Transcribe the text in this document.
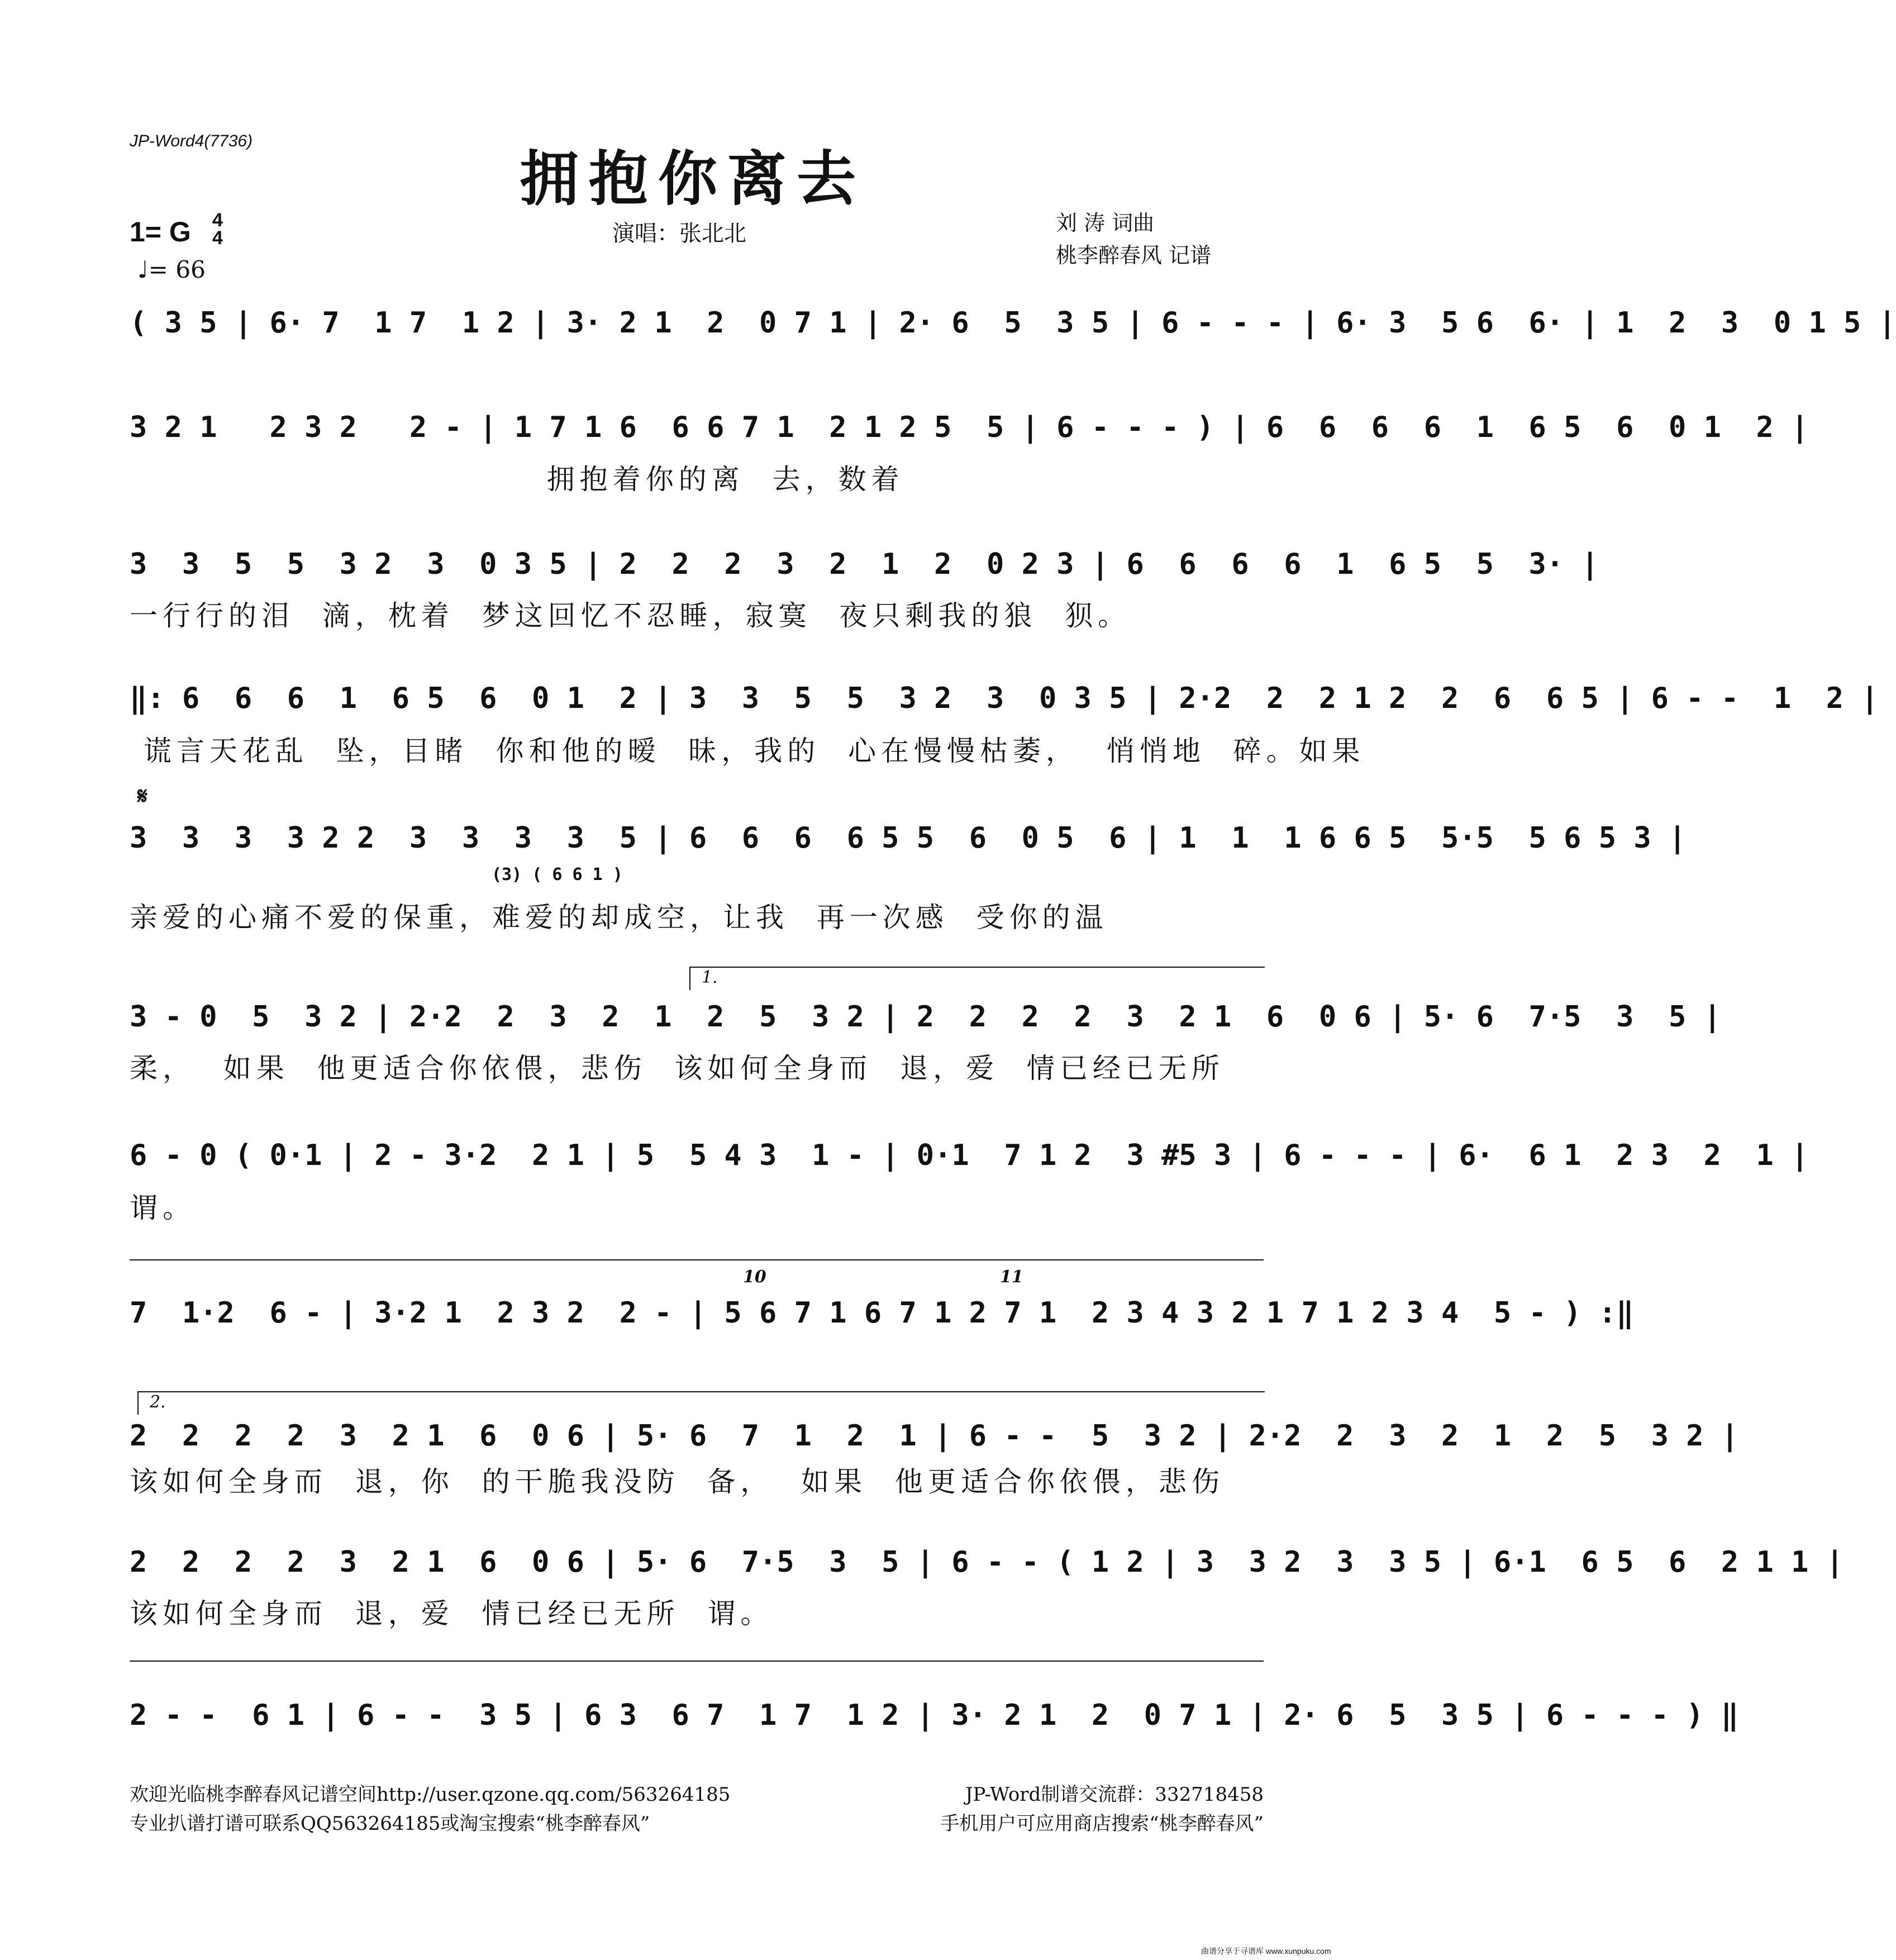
JP-Word4(7736)
拥抱你离去
1= G 4
4
♩= 66
演唱：张北北	刘 涛 词曲
桃李醉春风 记谱
( 3 5 | 6· 7  1 7  1 2 | 3· 2 1  2  0 7 1 | 2· 6  5  3 5 | 6 - - - | 6· 3  5 6  6· | 1  2  3  0 1 5 |
3 2 1   2 3 2   2 - | 1 7 1 6  6 6 7 1  2 1 2 5  5 | 6 - - - ) | 6  6  6  6  1  6 5  6  0 1  2 |
拥抱着你的离  去，数着
3  3  5  5  3 2  3  0 3 5 | 2  2  2  3  2  1  2  0 2 3 | 6  6  6  6  1  6 5  5  3· |
一行行的泪  滴，枕着  梦这回忆不忍睡，寂寞  夜只剩我的狼  狈。
‖: 6  6  6  1  6 5  6  0 1  2 | 3  3  5  5  3 2  3  0 3 5 | 2·2  2  2 1 2  2  6  6 5 | 6 - -  1  2 |
谎言天花乱  坠，目睹  你和他的暧  昧，我的  心在慢慢枯萎，  悄悄地  碎。如果
𝄋
3  3  3  3 2 2  3  3  3  3  5 | 6  6  6  6 5 5  6  0 5  6 | 1  1  1 6 6 5  5·5  5 6 5 3 |
(3) ( 6 6 1 )
亲爱的心痛不爱的保重，难爱的却成空，让我  再一次感  受你的温
1.
3 - 0  5  3 2 | 2·2  2  3  2  1  2  5  3 2 | 2  2  2  2  3  2 1  6  0 6 | 5· 6  7·5  3  5 |
柔，  如果  他更适合你依偎，悲伤  该如何全身而  退，爱  情已经已无所
6 - 0 ( 0·1 | 2 - 3·2  2 1 | 5  5 4 3  1 - | 0·1  7 1 2  3 #5 3 | 6 - - - | 6·  6 1  2 3  2  1 |
谓。
10	11
7  1·2  6 - | 3·2 1  2 3 2  2 - | 5 6 7 1 6 7 1 2 7 1  2 3 4 3 2 1 7 1 2 3 4  5 - ) :‖
2.
2  2  2  2  3  2 1  6  0 6 | 5· 6  7  1  2  1 | 6 - -  5  3 2 | 2·2  2  3  2  1  2  5  3 2 |
该如何全身而  退，你  的干脆我没防  备，  如果  他更适合你依偎，悲伤
2  2  2  2  3  2 1  6  0 6 | 5· 6  7·5  3  5 | 6 - - ( 1 2 | 3  3 2  3  3 5 | 6·1  6 5  6  2 1 1 |
该如何全身而  退，爱  情已经已无所  谓。
2 - -  6 1 | 6 - -  3 5 | 6 3  6 7  1 7  1 2 | 3· 2 1  2  0 7 1 | 2· 6  5  3 5 | 6 - - - ) ‖
欢迎光临桃李醉春风记谱空间http://user.qzone.qq.com/563264185	JP-Word制谱交流群：332718458
专业扒谱打谱可联系QQ563264185或淘宝搜索“桃李醉春风”	手机用户可应用商店搜索“桃李醉春风”
曲谱分享于寻谱库 www.xunpuku.com
